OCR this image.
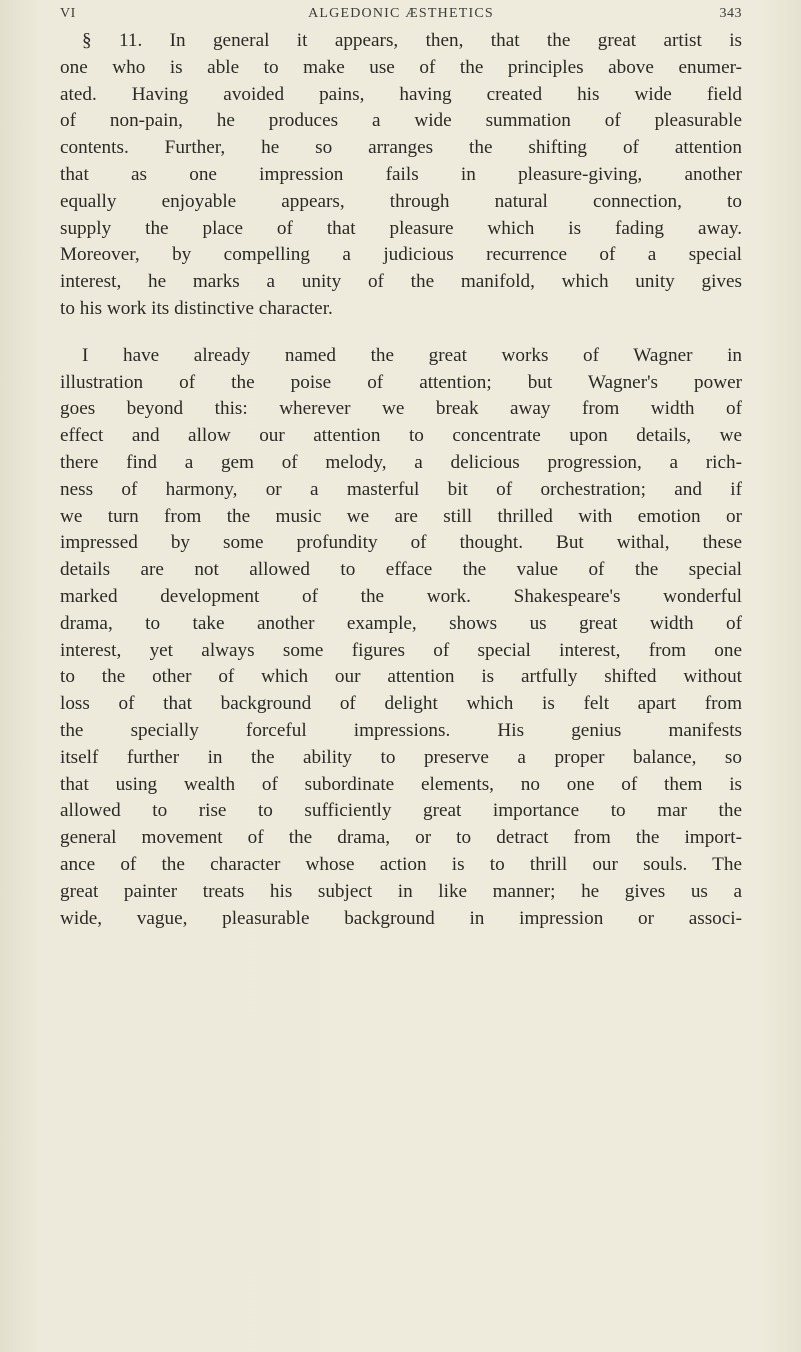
VI	ALGEDONIC ÆSTHETICS	343
§ 11. In general it appears, then, that the great artist is
one who is able to make use of the principles above enumer-
ated. Having avoided pains, having created his wide field
of non-pain, he produces a wide summation of pleasurable
contents. Further, he so arranges the shifting of attention
that as one impression fails in pleasure-giving, another
equally enjoyable appears, through natural connection, to
supply the place of that pleasure which is fading away.
Moreover, by compelling a judicious recurrence of a special
interest, he marks a unity of the manifold, which unity gives
to his work its distinctive character.
I have already named the great works of Wagner in
illustration of the poise of attention; but Wagner's power
goes beyond this: wherever we break away from width of
effect and allow our attention to concentrate upon details, we
there find a gem of melody, a delicious progression, a rich-
ness of harmony, or a masterful bit of orchestration; and if
we turn from the music we are still thrilled with emotion or
impressed by some profundity of thought. But withal, these
details are not allowed to efface the value of the special
marked development of the work. Shakespeare's wonderful
drama, to take another example, shows us great width of
interest, yet always some figures of special interest, from one
to the other of which our attention is artfully shifted without
loss of that background of delight which is felt apart from
the specially forceful impressions. His genius manifests
itself further in the ability to preserve a proper balance, so
that using wealth of subordinate elements, no one of them is
allowed to rise to sufficiently great importance to mar the
general movement of the drama, or to detract from the import-
ance of the character whose action is to thrill our souls. The
great painter treats his subject in like manner; he gives us a
wide, vague, pleasurable background in impression or associ-
